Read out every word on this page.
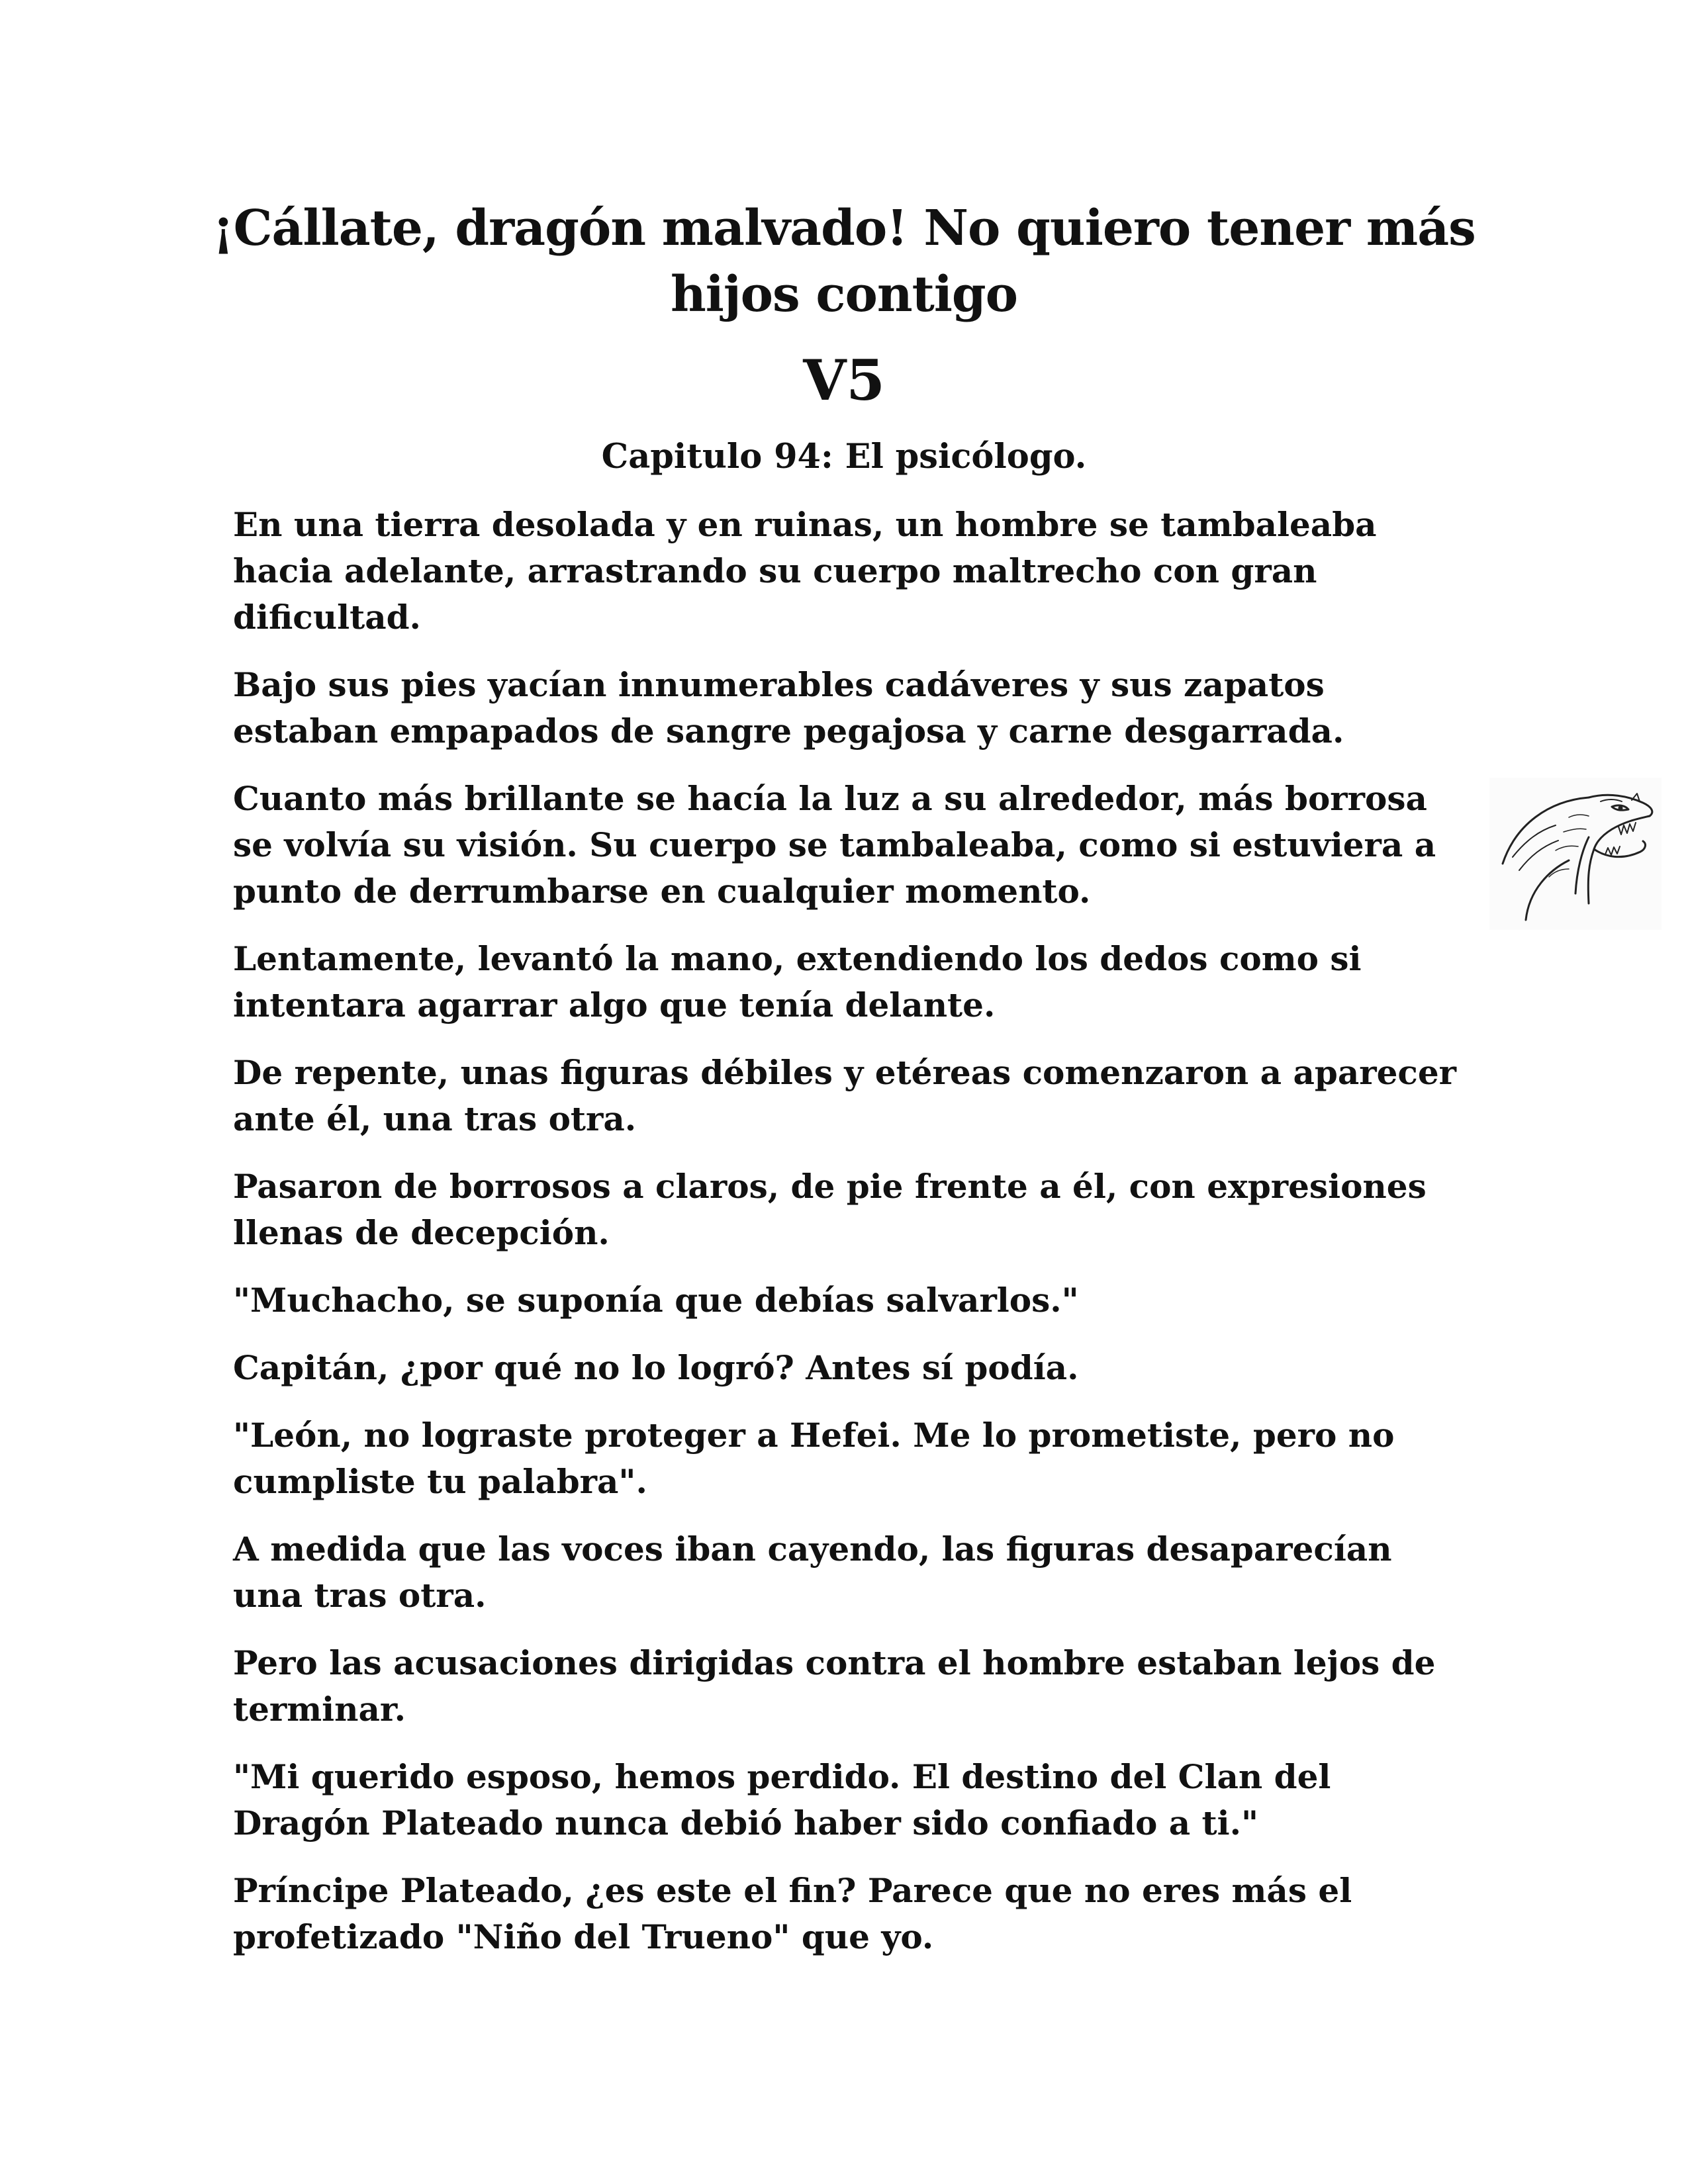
¡Cállate, dragón malvado! No quiero tener más hijos contigo
V5
Capitulo 94: El psicólogo.

En una tierra desolada y en ruinas, un hombre se tambaleaba hacia adelante, arrastrando su cuerpo maltrecho con gran dificultad.

Bajo sus pies yacían innumerables cadáveres y sus zapatos estaban empapados de sangre pegajosa y carne desgarrada.

Cuanto más brillante se hacía la luz a su alrededor, más borrosa se volvía su visión. Su cuerpo se tambaleaba, como si estuviera a punto de derrumbarse en cualquier momento.

Lentamente, levantó la mano, extendiendo los dedos como si intentara agarrar algo que tenía delante.

De repente, unas figuras débiles y etéreas comenzaron a aparecer ante él, una tras otra.

Pasaron de borrosos a claros, de pie frente a él, con expresiones llenas de decepción.

"Muchacho, se suponía que debías salvarlos."

Capitán, ¿por qué no lo logró? Antes sí podía.

"León, no lograste proteger a Hefei. Me lo prometiste, pero no cumpliste tu palabra".

A medida que las voces iban cayendo, las figuras desaparecían una tras otra.

Pero las acusaciones dirigidas contra el hombre estaban lejos de terminar.

"Mi querido esposo, hemos perdido. El destino del Clan del Dragón Plateado nunca debió haber sido confiado a ti."

Príncipe Plateado, ¿es este el fin? Parece que no eres más el profetizado "Niño del Trueno" que yo.
